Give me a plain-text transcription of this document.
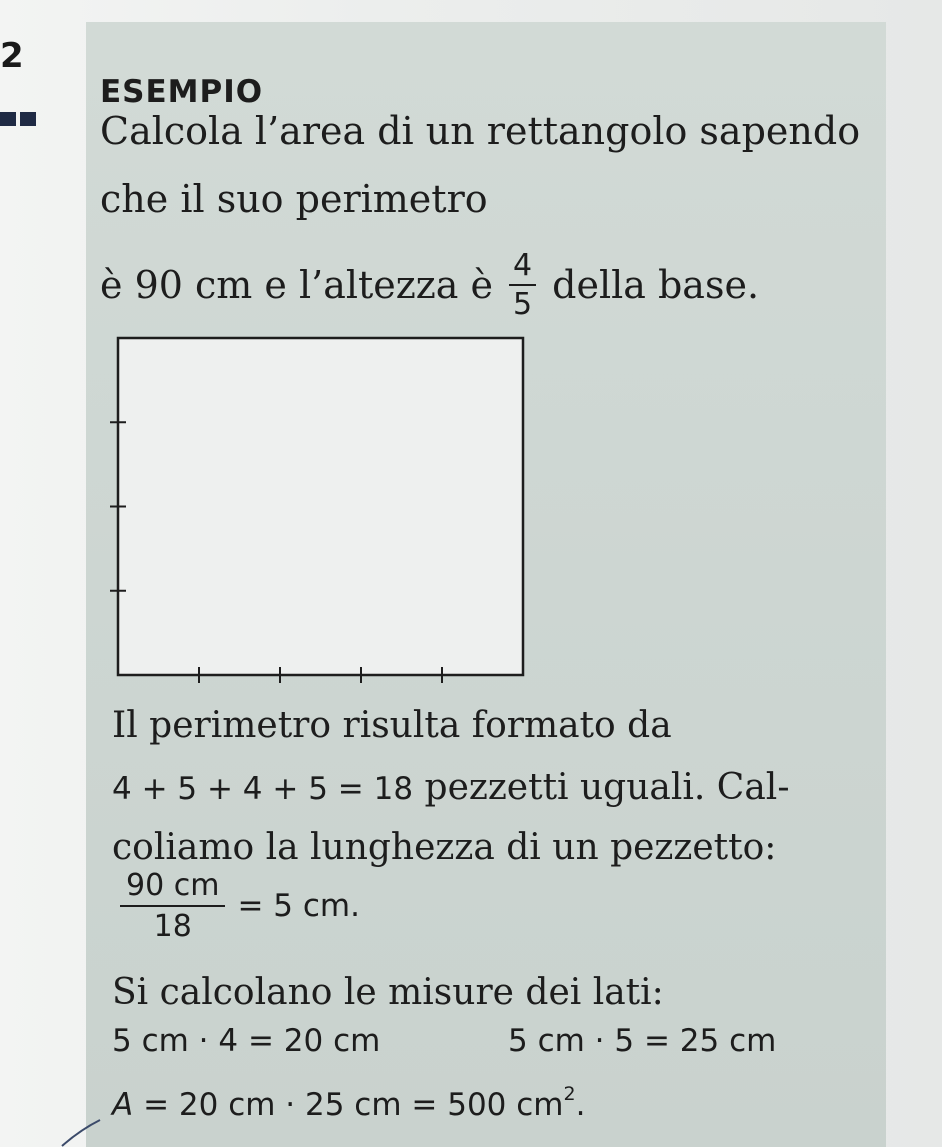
2
ESEMPIO
Calcola l’area di un rettangolo sapendo
che il suo perimetro
è 90 cm e l’altezza è $\frac{4}{5}$ della base.
Il perimetro risulta formato da
4 + 5 + 4 + 5 = 18 pezzetti uguali. Cal-
coliamo la lunghezza di un pezzetto:
$\frac{90 cm}{18} = 5$ cm.
Si calcolano le misure dei lati:
5 cm · 4 = 20 cm	5 cm · 5 = 25 cm
A = 20 cm · 25 cm = 500 $cm^2$.
